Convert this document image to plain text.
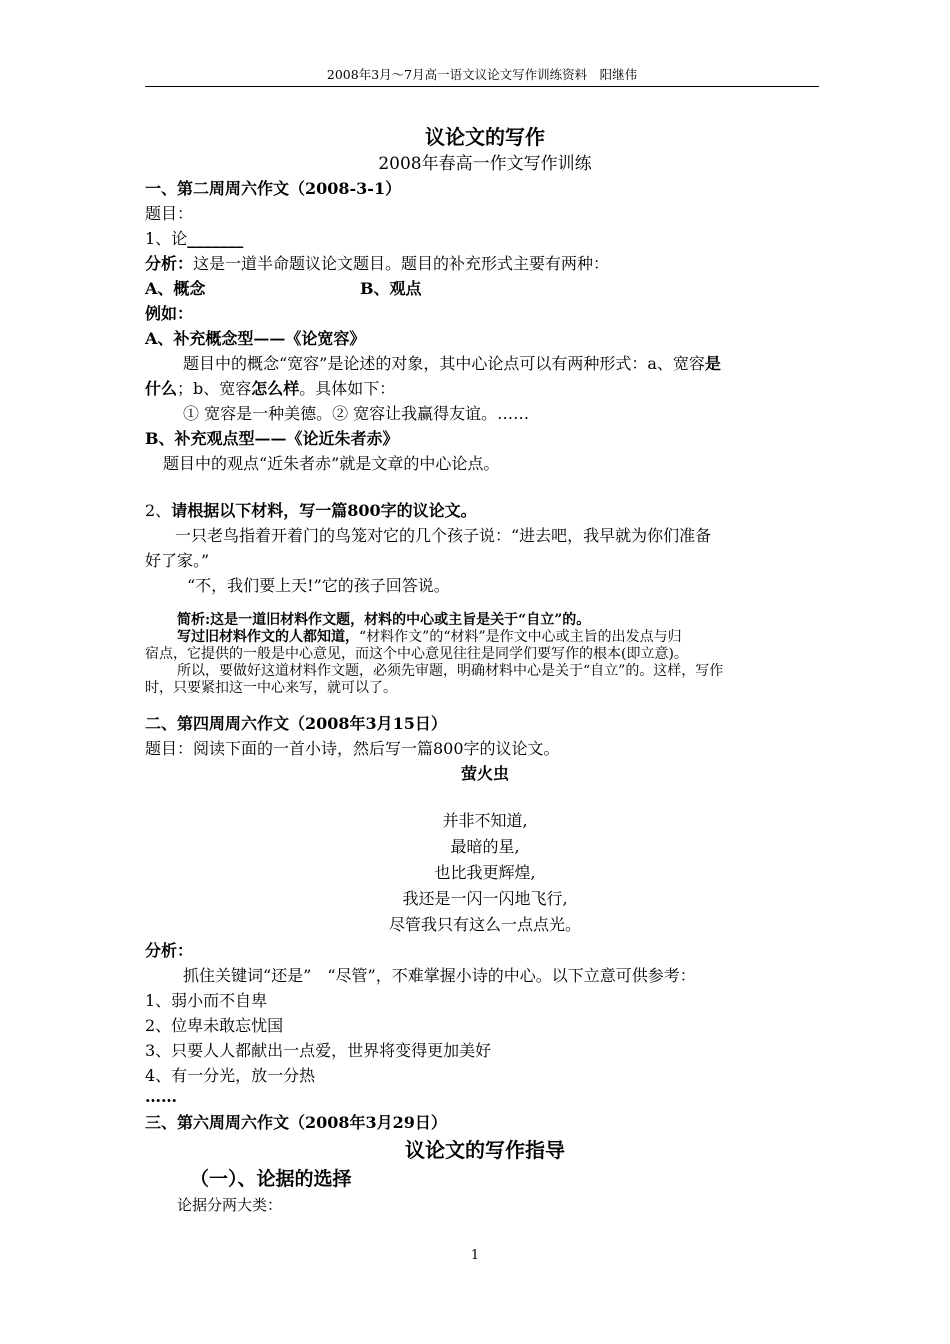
2008年3月～7月高一语文议论文写作训练资料　阳继伟
议论文的写作
2008年春高一作文写作训练
一、第二周周六作文（2008-3-1）
题目：
1、论_______
分析：这是一道半命题议论文题目。题目的补充形式主要有两种：
A、概念	B、观点
例如：
A、补充概念型——《论宽容》
题目中的概念“宽容”是论述的对象，其中心论点可以有两种形式：a、宽容是
什么；b、宽容怎么样。具体如下：
① 宽容是一种美德。② 宽容让我赢得友谊。……
B、补充观点型——《论近朱者赤》
题目中的观点“近朱者赤”就是文章的中心论点。
2、请根据以下材料，写一篇800字的议论文。
一只老鸟指着开着门的鸟笼对它的几个孩子说：“进去吧，我早就为你们准备
好了家。”
“不，我们要上天!”它的孩子回答说。
简析:这是一道旧材料作文题，材料的中心或主旨是关于“自立”的。
写过旧材料作文的人都知道，“材料作文”的“材料”是作文中心或主旨的出发点与归
宿点，它提供的一般是中心意见，而这个中心意见往往是同学们要写作的根本(即立意)。
所以，要做好这道材料作文题，必须先审题，明确材料中心是关于“自立”的。这样，写作
时，只要紧扣这一中心来写，就可以了。
二、第四周周六作文（2008年3月15日）
题目：阅读下面的一首小诗，然后写一篇800字的议论文。
萤火虫
并非不知道,
最暗的星,
也比我更辉煌,
我还是一闪一闪地飞行,
尽管我只有这么一点点光。
分析：
抓住关键词“还是”　“尽管”，不难掌握小诗的中心。以下立意可供参考：
1、弱小而不自卑
2、位卑未敢忘忧国
3、只要人人都献出一点爱，世界将变得更加美好
4、有一分光，放一分热
……
三、第六周周六作文（2008年3月29日）
议论文的写作指导
（一）、论据的选择
论据分两大类：
1
